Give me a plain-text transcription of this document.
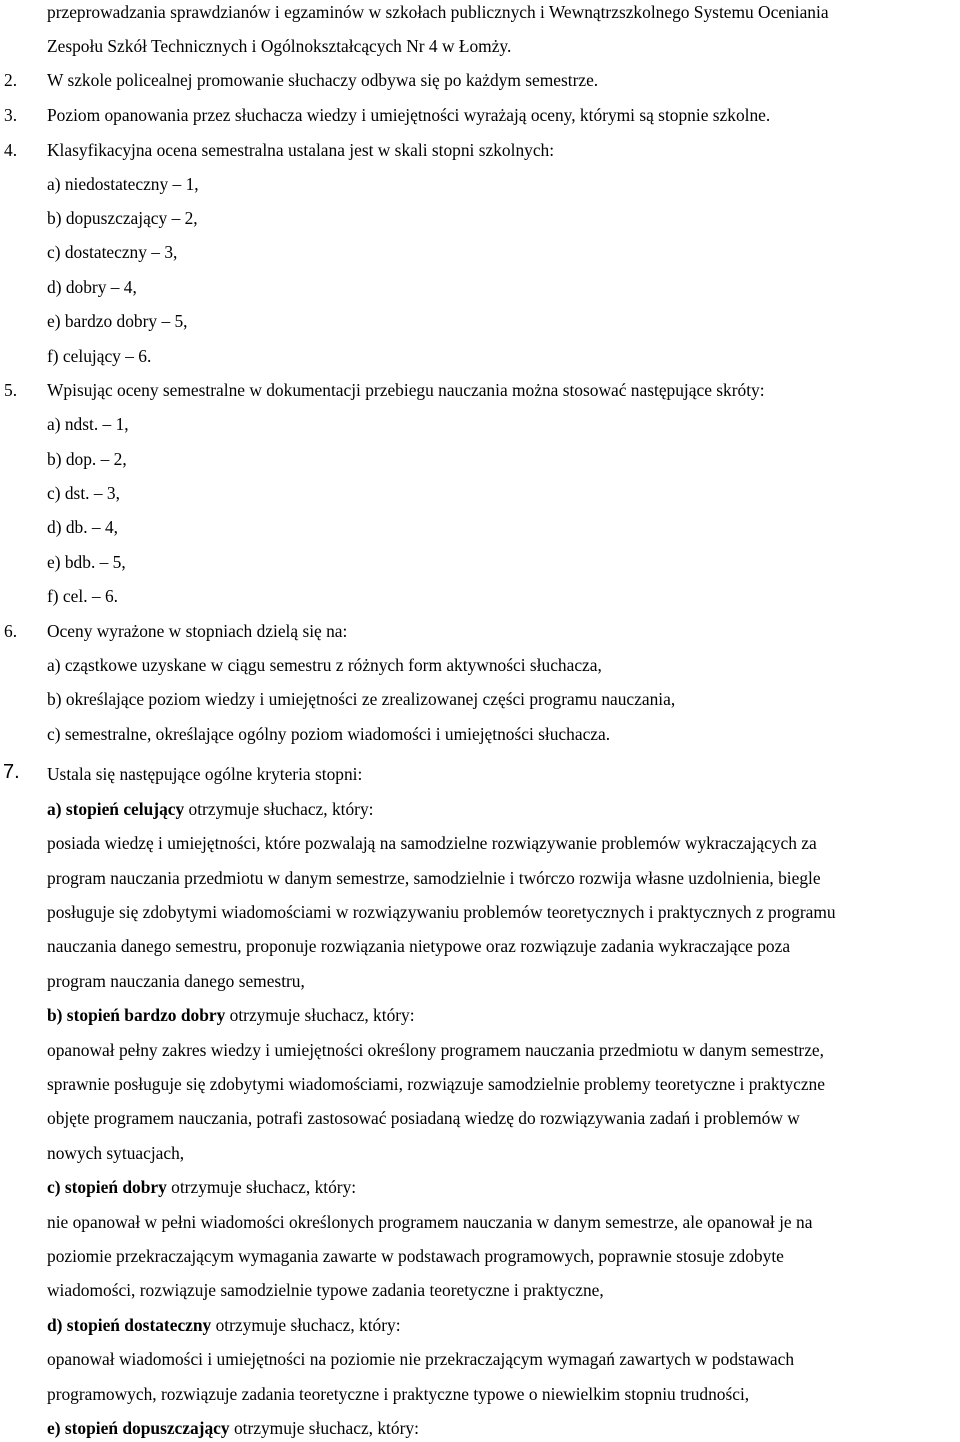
przeprowadzania sprawdzianów i egzaminów w szkołach publicznych i Wewnątrzszkolnego Systemu Oceniania
Zespołu Szkół Technicznych i Ogólnokształcących Nr 4 w Łomży.
2. W szkole policealnej promowanie słuchaczy odbywa się po każdym semestrze.
3. Poziom opanowania przez słuchacza wiedzy i umiejętności wyrażają oceny, którymi są stopnie szkolne.
4. Klasyfikacyjna ocena semestralna ustalana jest w skali stopni szkolnych:
a) niedostateczny – 1,
b) dopuszczający – 2,
c) dostateczny – 3,
d) dobry – 4,
e) bardzo dobry – 5,
f) celujący – 6.
5. Wpisując oceny semestralne w dokumentacji przebiegu nauczania można stosować następujące skróty:
a) ndst. – 1,
b) dop. – 2,
c) dst. – 3,
d) db. – 4,
e) bdb. – 5,
f) cel. – 6.
6. Oceny wyrażone w stopniach dzielą się na:
a) cząstkowe uzyskane w ciągu semestru z różnych form aktywności słuchacza,
b) określające poziom wiedzy i umiejętności ze zrealizowanej części programu nauczania,
c) semestralne, określające ogólny poziom wiadomości i umiejętności słuchacza.
7. Ustala się następujące ogólne kryteria stopni:
a) stopień celujący otrzymuje słuchacz, który:
posiada wiedzę i umiejętności, które pozwalają na samodzielne rozwiązywanie problemów wykraczających za
program nauczania przedmiotu w danym semestrze, samodzielnie i twórczo rozwija własne uzdolnienia, biegle
posługuje się zdobytymi wiadomościami w rozwiązywaniu problemów teoretycznych i praktycznych z programu
nauczania danego semestru, proponuje rozwiązania nietypowe oraz rozwiązuje zadania wykraczające poza
program nauczania danego semestru,
b) stopień bardzo dobry otrzymuje słuchacz, który:
opanował pełny zakres wiedzy i umiejętności określony programem nauczania przedmiotu w danym semestrze,
sprawnie posługuje się zdobytymi wiadomościami, rozwiązuje samodzielnie problemy teoretyczne i praktyczne
objęte programem nauczania, potrafi zastosować posiadaną wiedzę do rozwiązywania zadań i problemów w
nowych sytuacjach,
c) stopień dobry otrzymuje słuchacz, który:
nie opanował w pełni wiadomości określonych programem nauczania w danym semestrze, ale opanował je na
poziomie przekraczającym wymagania zawarte w podstawach programowych, poprawnie stosuje zdobyte
wiadomości, rozwiązuje samodzielnie typowe zadania teoretyczne i praktyczne,
d) stopień dostateczny otrzymuje słuchacz, który:
opanował wiadomości i umiejętności na poziomie nie przekraczającym wymagań zawartych w podstawach
programowych, rozwiązuje zadania teoretyczne i praktyczne typowe o niewielkim stopniu trudności,
e) stopień dopuszczający otrzymuje słuchacz, który:
